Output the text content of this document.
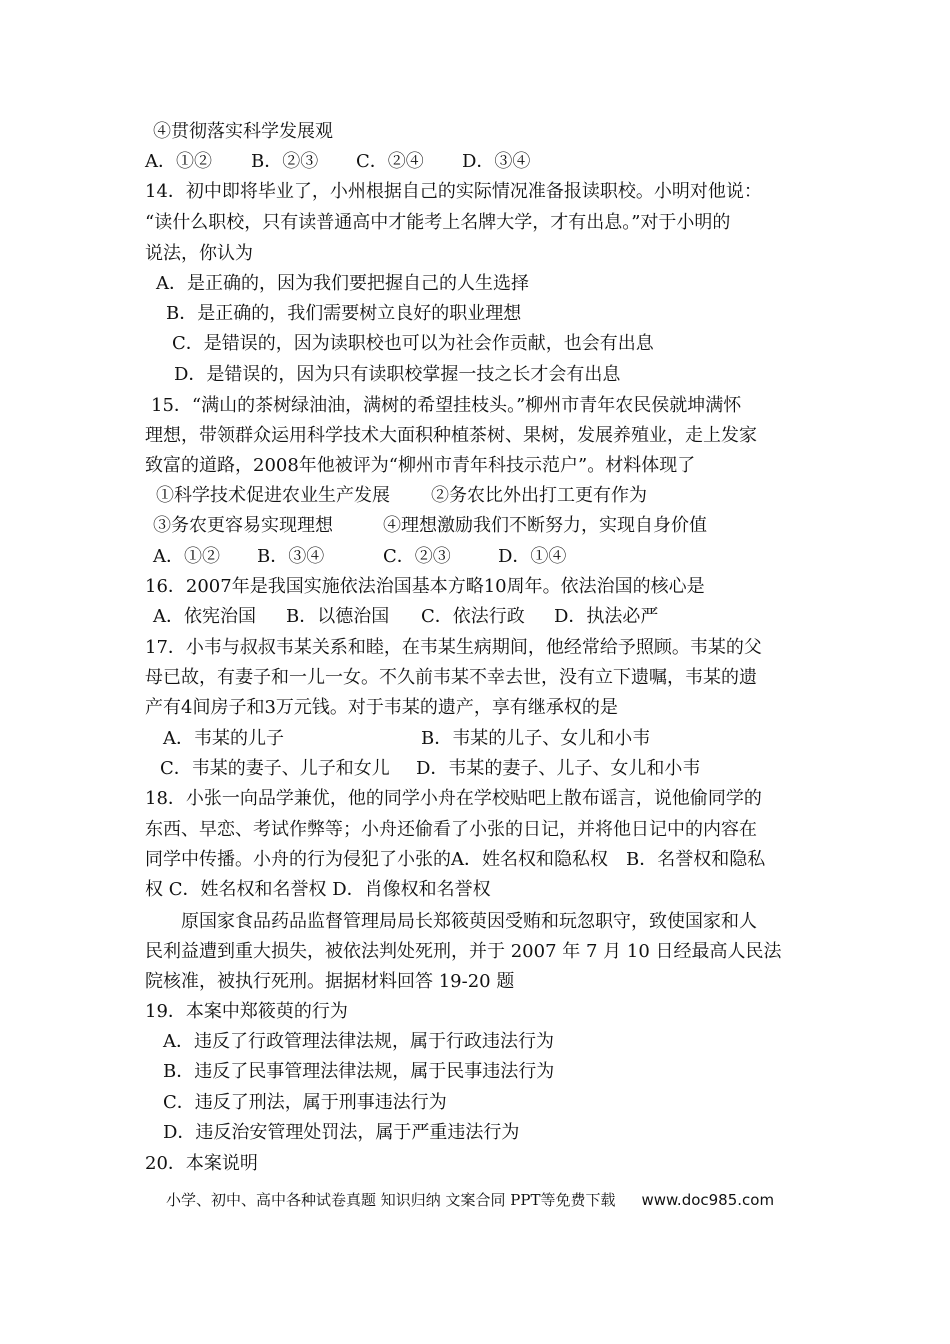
④贯彻落实科学发展观
A．①② B．②③ C．②④ D．③④
14．初中即将毕业了，小州根据自己的实际情况准备报读职校。小明对他说：
“读什么职校，只有读普通高中才能考上名牌大学，才有出息。”对于小明的
说法，你认为
A．是正确的，因为我们要把握自己的人生选择
B．是正确的，我们需要树立良好的职业理想
C．是错误的，因为读职校也可以为社会作贡献，也会有出息
D．是错误的，因为只有读职校掌握一技之长才会有出息
15．“满山的茶树绿油油，满树的希望挂枝头。”柳州市青年农民侯就坤满怀
理想，带领群众运用科学技术大面积种植茶树、果树，发展养殖业，走上发家
致富的道路，2008年他被评为“柳州市青年科技示范户”。材料体现了
①科学技术促进农业生产发展 ②务农比外出打工更有作为
③务农更容易实现理想	④理想激励我们不断努力，实现自身价值
A．①② B．③④	C．②③	D．①④
16．2007年是我国实施依法治国基本方略10周年。依法治国的核心是
A．依宪治国 B．以德治国 C．依法行政 D．执法必严
17．小韦与叔叔韦某关系和睦，在韦某生病期间，他经常给予照顾。韦某的父
母已故，有妻子和一儿一女。不久前韦某不幸去世，没有立下遗嘱，韦某的遗
产有4间房子和3万元钱。对于韦某的遗产，享有继承权的是
A．韦某的儿子	B．韦某的儿子、女儿和小韦
C．韦某的妻子、儿子和女儿 D．韦某的妻子、儿子、女儿和小韦
18．小张一向品学兼优，他的同学小舟在学校贴吧上散布谣言，说他偷同学的
东西、早恋、考试作弊等；小舟还偷看了小张的日记，并将他日记中的内容在
同学中传播。小舟的行为侵犯了小张的A．姓名权和隐私权　B．名誉权和隐私
权 C．姓名权和名誉权 D．肖像权和名誉权
原国家食品药品监督管理局局长郑筱萸因受贿和玩忽职守，致使国家和人
民利益遭到重大损失，被依法判处死刑，并于 2007 年 7 月 10 日经最高人民法
院核准，被执行死刑。据据材料回答 19-20 题
19．本案中郑筱萸的行为
A．违反了行政管理法律法规，属于行政违法行为
B．违反了民事管理法律法规，属于民事违法行为
C．违反了刑法，属于刑事违法行为
D．违反治安管理处罚法，属于严重违法行为
20．本案说明
小学、初中、高中各种试卷真题 知识归纳 文案合同 PPT等免费下载 www.doc985.com
